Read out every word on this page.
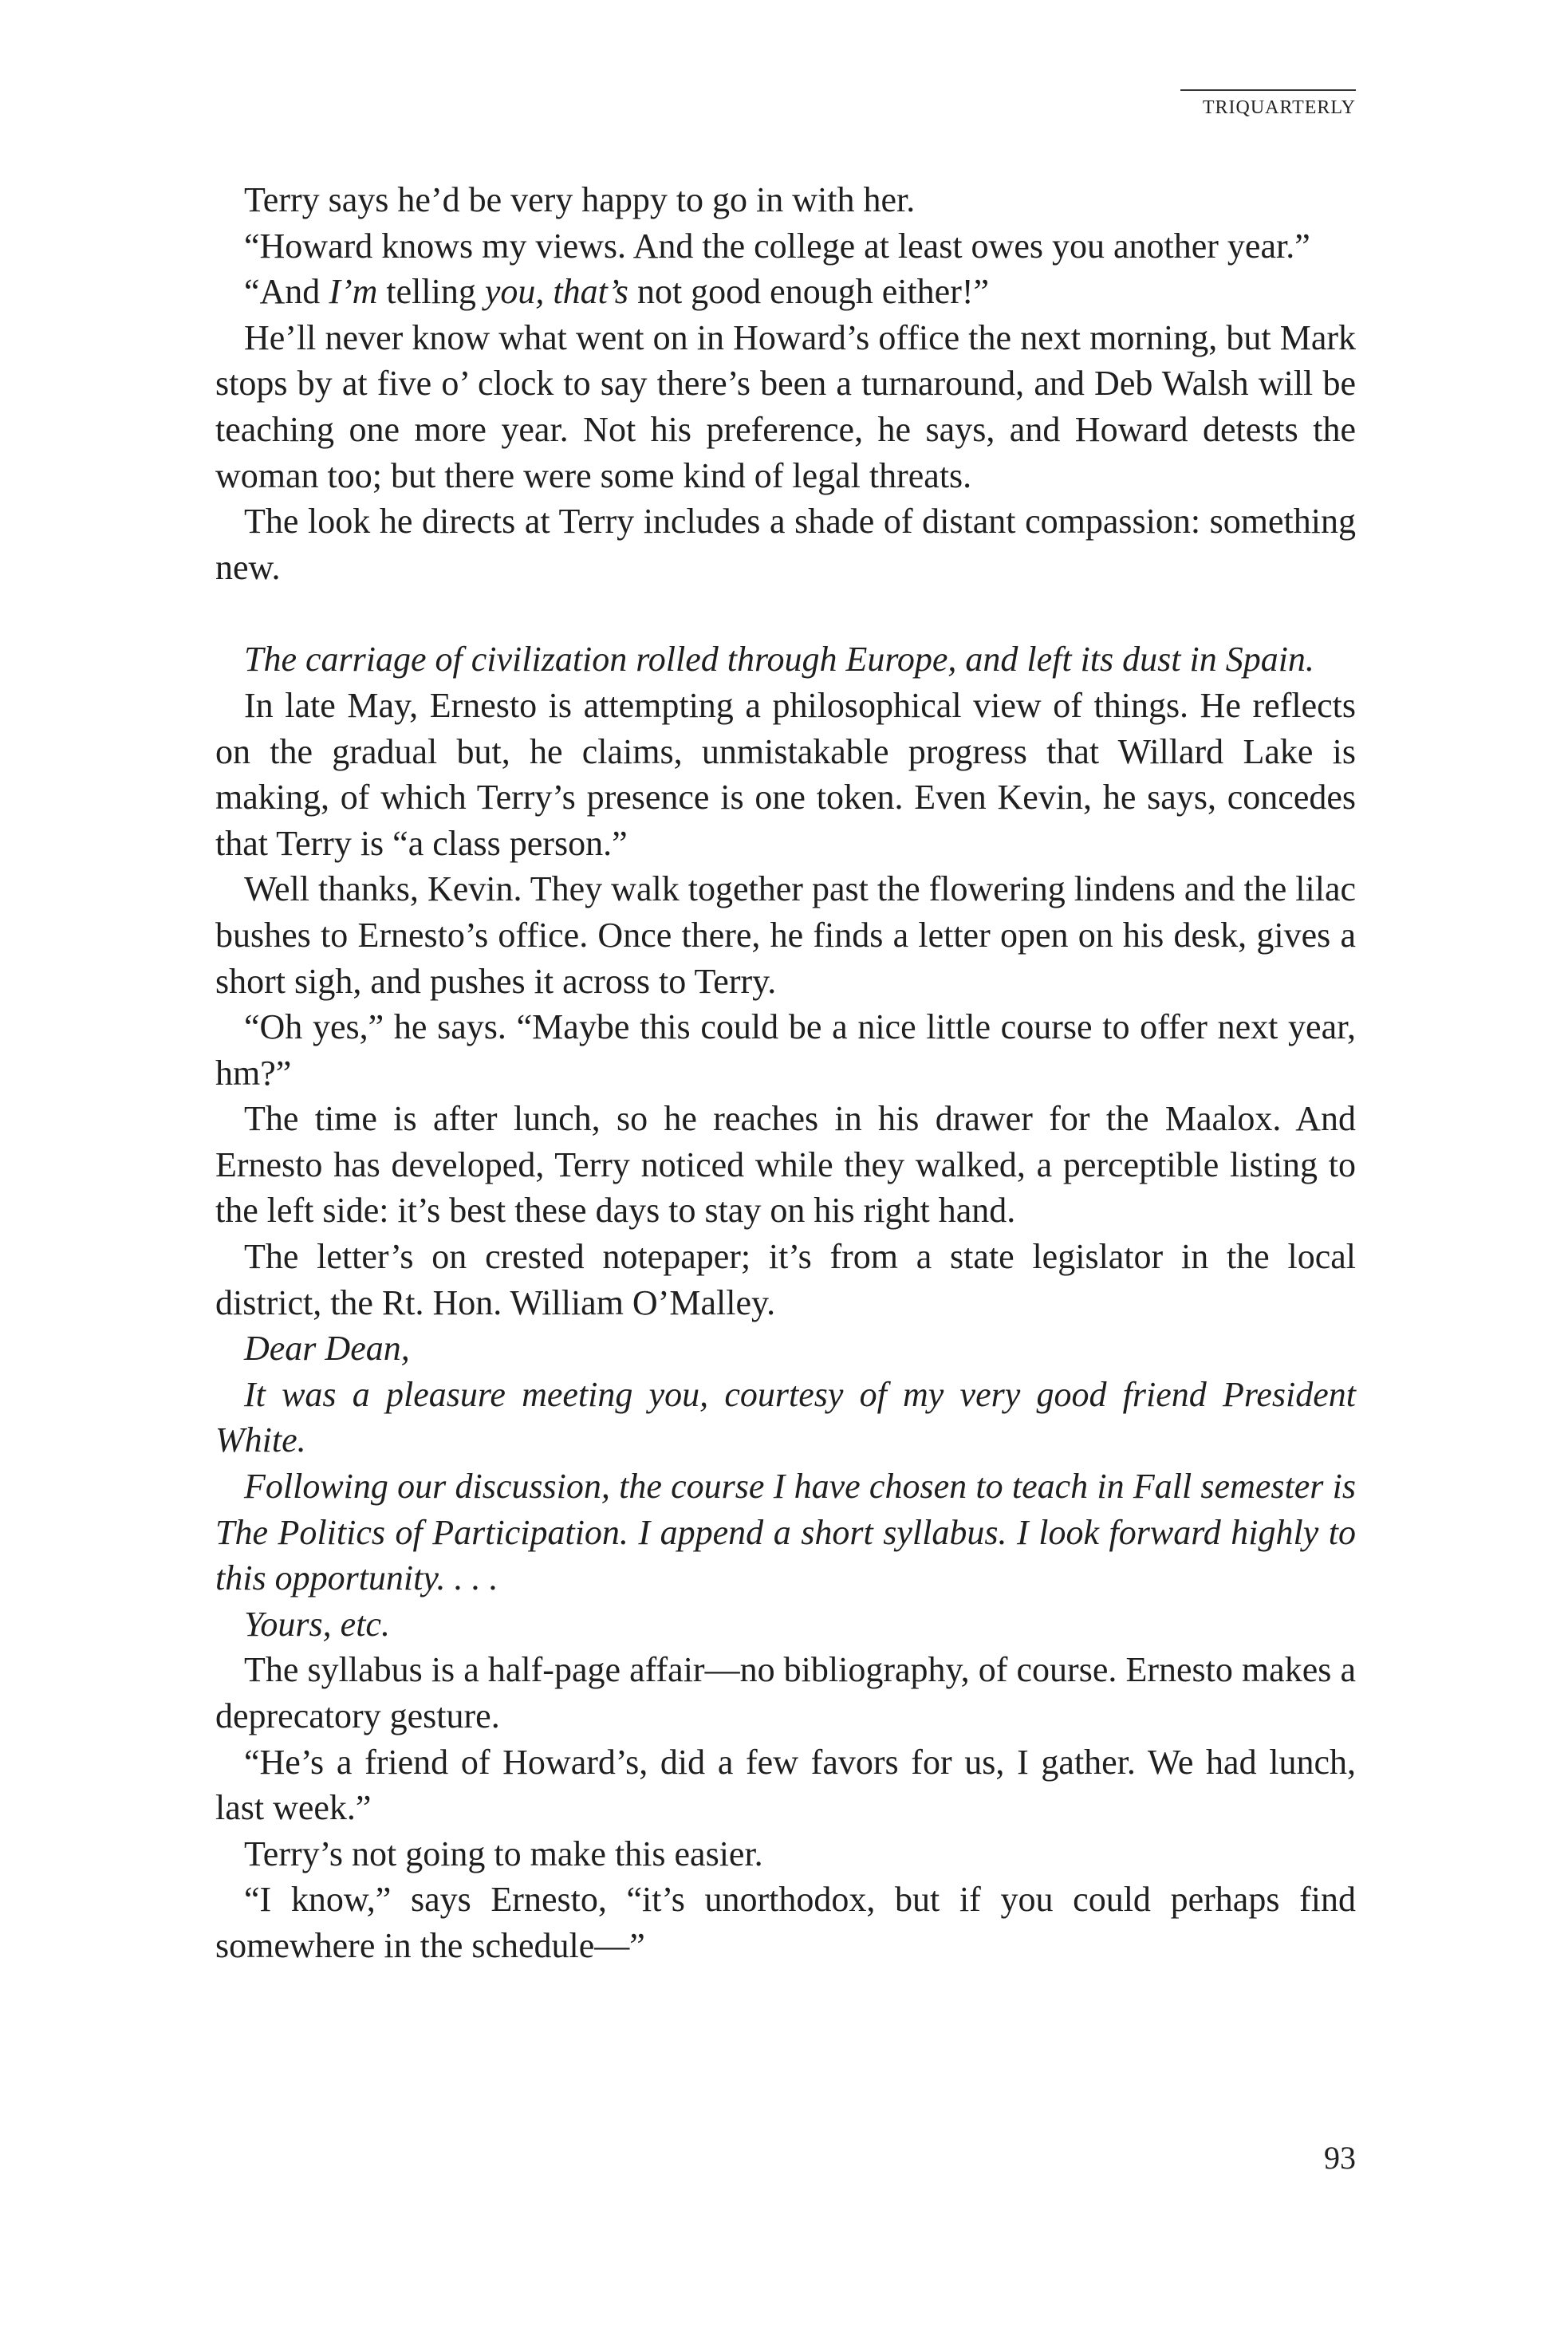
TRIQUARTERLY

Terry says he’d be very happy to go in with her.

“Howard knows my views. And the college at least owes you another year.”

“And I’m telling you, that’s not good enough either!”

He’ll never know what went on in Howard’s office the next morning, but Mark stops by at five o’ clock to say there’s been a turnaround, and Deb Walsh will be teaching one more year. Not his preference, he says, and Howard detests the woman too; but there were some kind of legal threats.

The look he directs at Terry includes a shade of distant compassion: something new.

The carriage of civilization rolled through Europe, and left its dust in Spain.

In late May, Ernesto is attempting a philosophical view of things. He reflects on the gradual but, he claims, unmistakable progress that Willard Lake is making, of which Terry’s presence is one token. Even Kevin, he says, concedes that Terry is “a class person.”

Well thanks, Kevin. They walk together past the flowering lindens and the lilac bushes to Ernesto’s office. Once there, he finds a letter open on his desk, gives a short sigh, and pushes it across to Terry.

“Oh yes,” he says. “Maybe this could be a nice little course to offer next year, hm?”

The time is after lunch, so he reaches in his drawer for the Maalox. And Ernesto has developed, Terry noticed while they walked, a perceptible listing to the left side: it’s best these days to stay on his right hand.

The letter’s on crested notepaper; it’s from a state legislator in the local district, the Rt. Hon. William O’Malley.

Dear Dean,

It was a pleasure meeting you, courtesy of my very good friend President White.

Following our discussion, the course I have chosen to teach in Fall semester is The Politics of Participation. I append a short syllabus. I look forward highly to this opportunity. . . .

Yours, etc.

The syllabus is a half-page affair—no bibliography, of course. Ernesto makes a deprecatory gesture.

“He’s a friend of Howard’s, did a few favors for us, I gather. We had lunch, last week.”

Terry’s not going to make this easier.

“I know,” says Ernesto, “it’s unorthodox, but if you could perhaps find somewhere in the schedule—”

93
